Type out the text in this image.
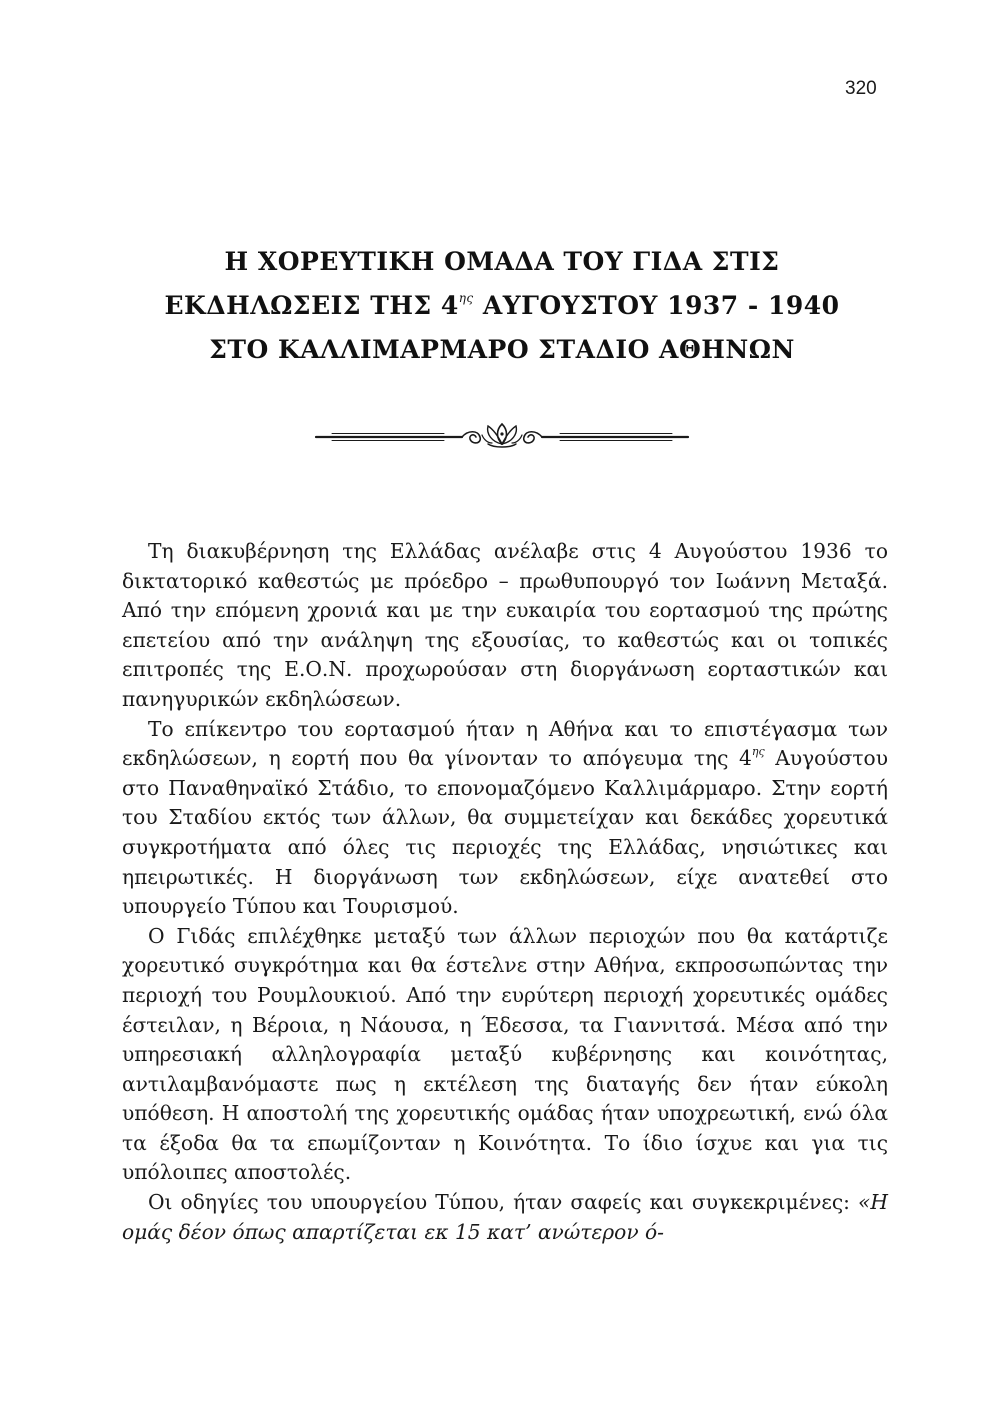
320
Η ΧΟΡΕΥΤΙΚΗ ΟΜΑΔΑ ΤΟΥ ΓΙΔΑ ΣΤΙΣ
ΕΚΔΗΛΩΣΕΙΣ ΤΗΣ $4^{\eta\varsigma}$ ΑΥΓΟΥΣΤΟΥ 1937 - 1940
ΣΤΟ ΚΑΛΛΙΜΑΡΜΑΡΟ ΣΤΑΔΙΟ ΑΘΗΝΩΝ

Τη διακυβέρνηση της Ελλάδας ανέλαβε στις 4 Αυγούστου 1936 το δικτατορικό καθεστώς με πρόεδρο – πρωθυπουργό τον Ιωάννη Μεταξά. Από την επόμενη χρονιά και με την ευκαιρία του εορτασμού της πρώτης επετείου από την ανάληψη της εξουσίας, το καθεστώς και οι τοπικές επιτροπές της Ε.Ο.Ν. προχωρούσαν στη διοργάνωση εορταστικών και πανηγυρικών εκδηλώσεων.

Το επίκεντρο του εορτασμού ήταν η Αθήνα και το επιστέγασμα των εκδηλώσεων, η εορτή που θα γίνονταν το απόγευμα της $4^{\eta\varsigma}$ Αυγούστου στο Παναθηναϊκό Στάδιο, το επονομαζόμενο Καλλιμάρμαρο. Στην εορτή του Σταδίου εκτός των άλλων, θα συμμετείχαν και δεκάδες χορευτικά συγκροτήματα από όλες τις περιοχές της Ελλάδας, νησιώτικες και ηπειρωτικές. Η διοργάνωση των εκδηλώσεων, είχε ανατεθεί στο υπουργείο Τύπου και Τουρισμού.

Ο Γιδάς επιλέχθηκε μεταξύ των άλλων περιοχών που θα κατάρτιζε χορευτικό συγκρότημα και θα έστελνε στην Αθήνα, εκπροσωπώντας την περιοχή του Ρουμλουκιού. Από την ευρύτερη περιοχή χορευτικές ομάδες έστειλαν, η Βέροια, η Νάουσα, η Έδεσσα, τα Γιαννιτσά. Μέσα από την υπηρεσιακή αλληλογραφία μεταξύ κυβέρνησης και κοινότητας, αντιλαμβανόμαστε πως η εκτέλεση της διαταγής δεν ήταν εύκολη υπόθεση. Η αποστολή της χορευτικής ομάδας ήταν υποχρεωτική, ενώ όλα τα έξοδα θα τα επωμίζονταν η Κοινότητα. Το ίδιο ίσχυε και για τις υπόλοιπες αποστολές.

Οι οδηγίες του υπουργείου Τύπου, ήταν σαφείς και συγκεκριμένες: «Η ομάς δέον όπως απαρτίζεται εκ 15 κατ’ ανώτερον ό-
